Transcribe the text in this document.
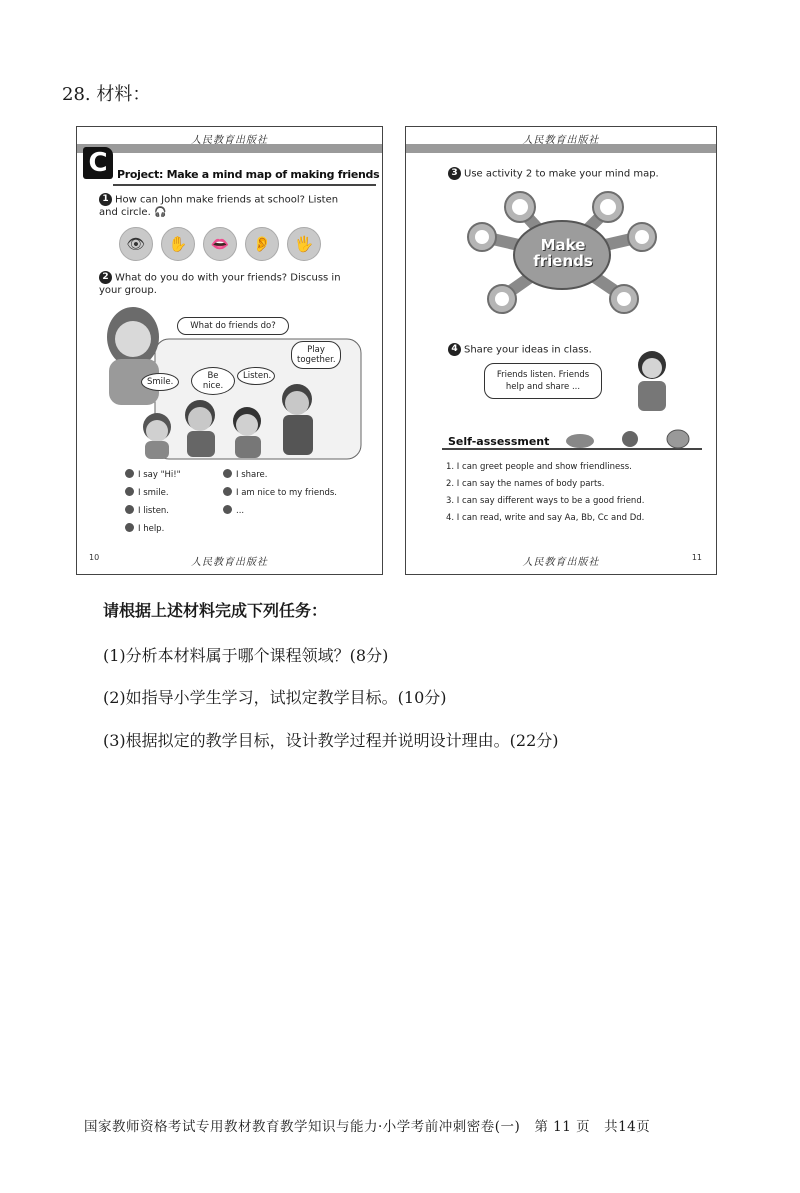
28. 材料：
人民教育出版社
C Project: Make a mind map of making friends
1 How can John make friends at school? Listen and circle. 🎧
👁	✋	👄	👂	🖐
2 What do you do with your friends? Discuss in your group.
What do friends do?
Play together.
Smile.
Be nice.
Listen.
I say "Hi!"
I smile.
I listen.
I help.
I share.
I am nice to my friends.
...
10	人民教育出版社
人民教育出版社
3 Use activity 2 to make your mind map.
Make friends
4 Share your ideas in class.
Friends listen. Friends help and share ...
Self-assessment
1. I can greet people and show friendliness.
2. I can say the names of body parts.
3. I can say different ways to be a good friend.
4. I can read, write and say Aa, Bb, Cc and Dd.
11
人民教育出版社
请根据上述材料完成下列任务：
(1)分析本材料属于哪个课程领域？(8分)
(2)如指导小学生学习，试拟定教学目标。(10分)
(3)根据拟定的教学目标，设计教学过程并说明设计理由。(22分)
国家教师资格考试专用教材教育教学知识与能力·小学考前冲刺密卷(一)　第 11 页　共14页
